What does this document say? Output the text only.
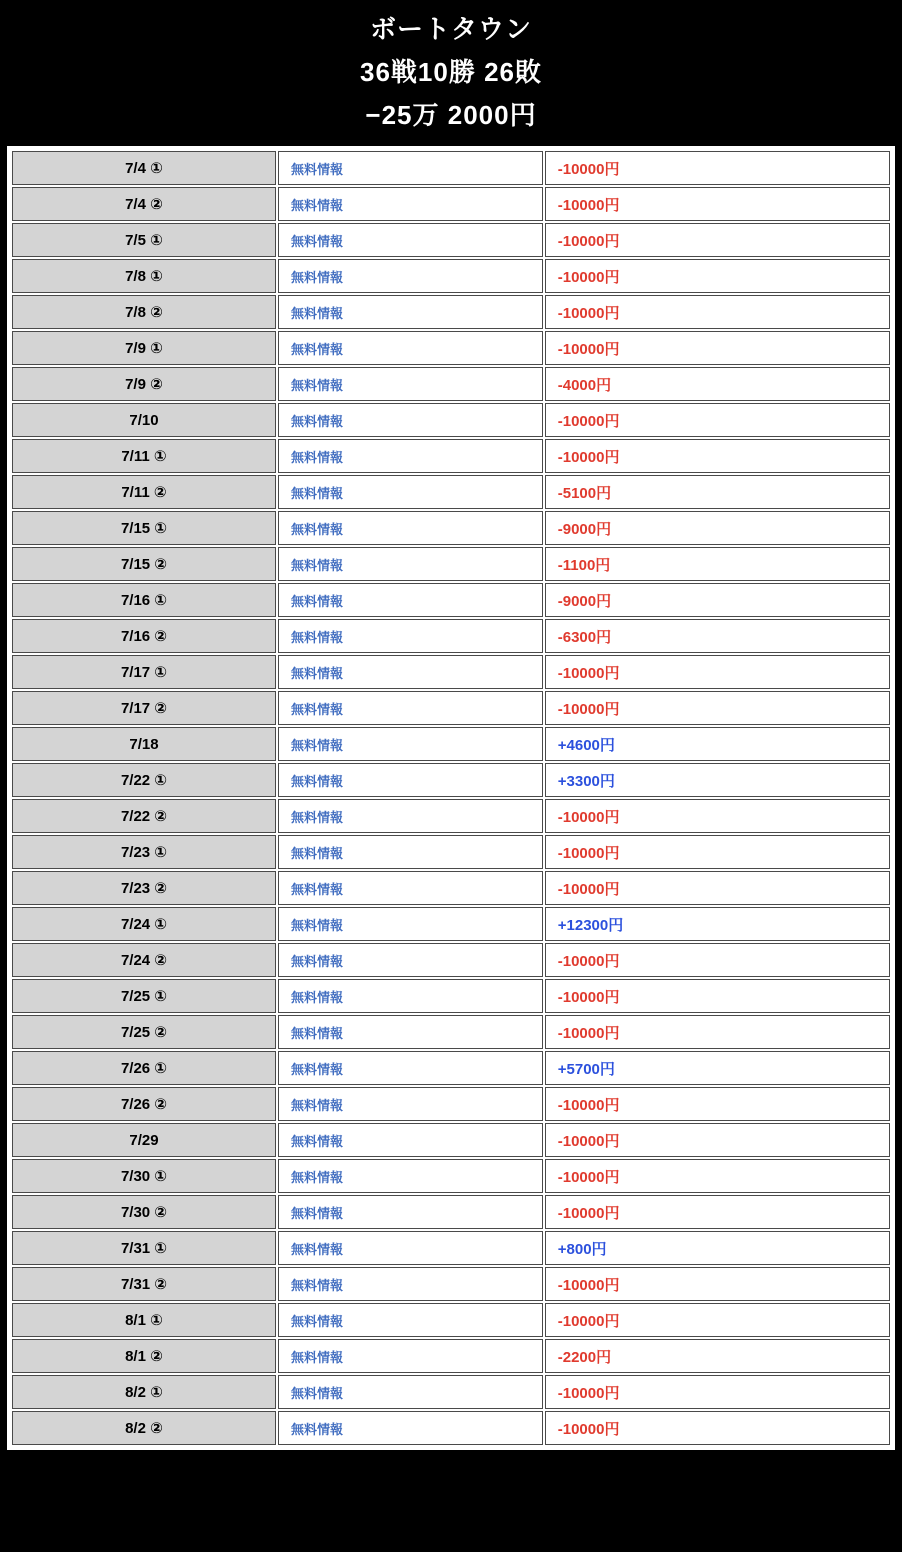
ボートタウン
36戦10勝 26敗
−25万 2000円
7/4 ①	無料情報	-10000円
7/4 ②	無料情報	-10000円
7/5 ①	無料情報	-10000円
7/8 ①	無料情報	-10000円
7/8 ②	無料情報	-10000円
7/9 ①	無料情報	-10000円
7/9 ②	無料情報	-4000円
7/10	無料情報	-10000円
7/11 ①	無料情報	-10000円
7/11 ②	無料情報	-5100円
7/15 ①	無料情報	-9000円
7/15 ②	無料情報	-1100円
7/16 ①	無料情報	-9000円
7/16 ②	無料情報	-6300円
7/17 ①	無料情報	-10000円
7/17 ②	無料情報	-10000円
7/18	無料情報	+4600円
7/22 ①	無料情報	+3300円
7/22 ②	無料情報	-10000円
7/23 ①	無料情報	-10000円
7/23 ②	無料情報	-10000円
7/24 ①	無料情報	+12300円
7/24 ②	無料情報	-10000円
7/25 ①	無料情報	-10000円
7/25 ②	無料情報	-10000円
7/26 ①	無料情報	+5700円
7/26 ②	無料情報	-10000円
7/29	無料情報	-10000円
7/30 ①	無料情報	-10000円
7/30 ②	無料情報	-10000円
7/31 ①	無料情報	+800円
7/31 ②	無料情報	-10000円
8/1 ①	無料情報	-10000円
8/1 ②	無料情報	-2200円
8/2 ①	無料情報	-10000円
8/2 ②	無料情報	-10000円
